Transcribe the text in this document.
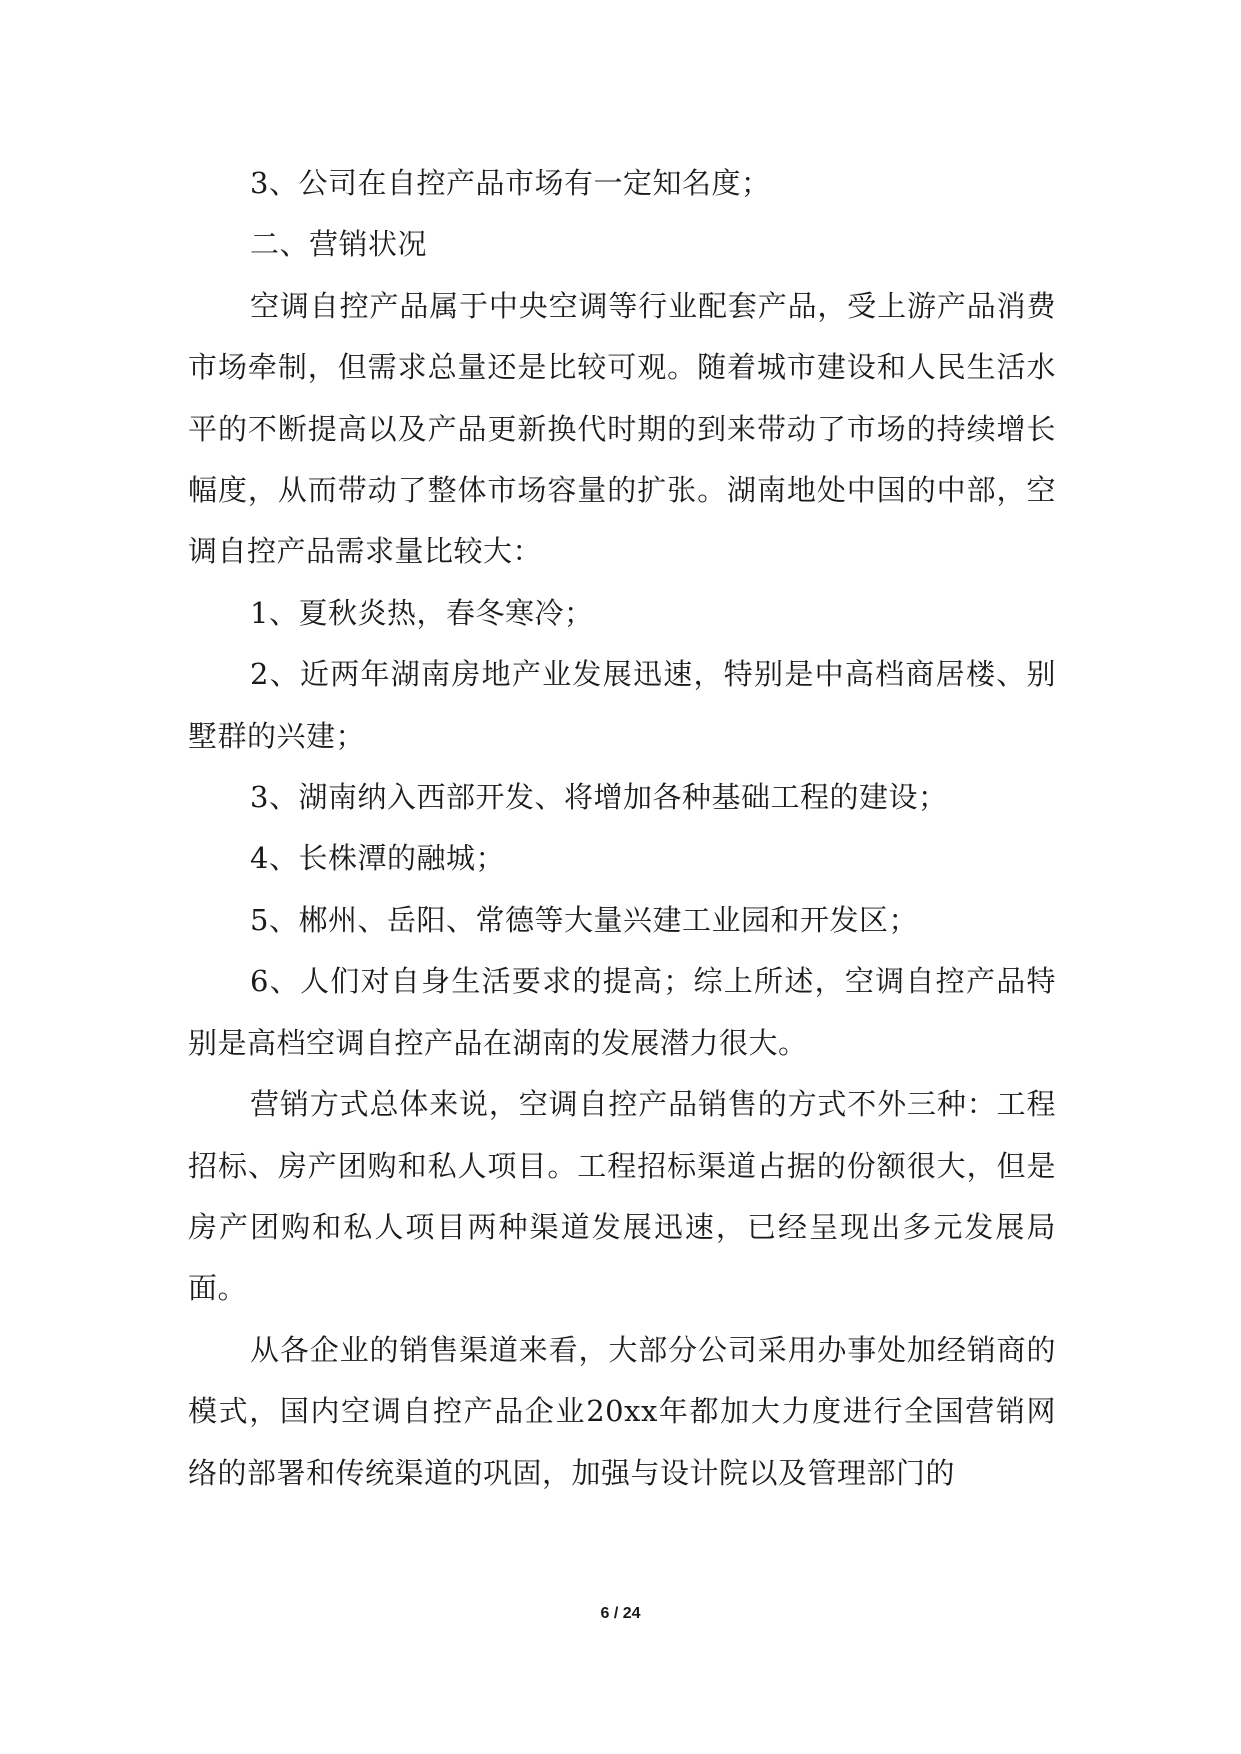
3、公司在自控产品市场有一定知名度；

二、营销状况

空调自控产品属于中央空调等行业配套产品，受上游产品消费市场牵制，但需求总量还是比较可观。随着城市建设和人民生活水平的不断提高以及产品更新换代时期的到来带动了市场的持续增长幅度，从而带动了整体市场容量的扩张。湖南地处中国的中部，空调自控产品需求量比较大：

1、夏秋炎热，春冬寒冷；

2、近两年湖南房地产业发展迅速，特别是中高档商居楼、别墅群的兴建；

3、湖南纳入西部开发、将增加各种基础工程的建设；

4、长株潭的融城；

5、郴州、岳阳、常德等大量兴建工业园和开发区；

6、人们对自身生活要求的提高；综上所述，空调自控产品特别是高档空调自控产品在湖南的发展潜力很大。

营销方式总体来说，空调自控产品销售的方式不外三种：工程招标、房产团购和私人项目。工程招标渠道占据的份额很大，但是房产团购和私人项目两种渠道发展迅速，已经呈现出多元发展局面。

从各企业的销售渠道来看，大部分公司采用办事处加经销商的模式，国内空调自控产品企业20xx年都加大力度进行全国营销网络的部署和传统渠道的巩固，加强与设计院以及管理部门的

6 / 24
